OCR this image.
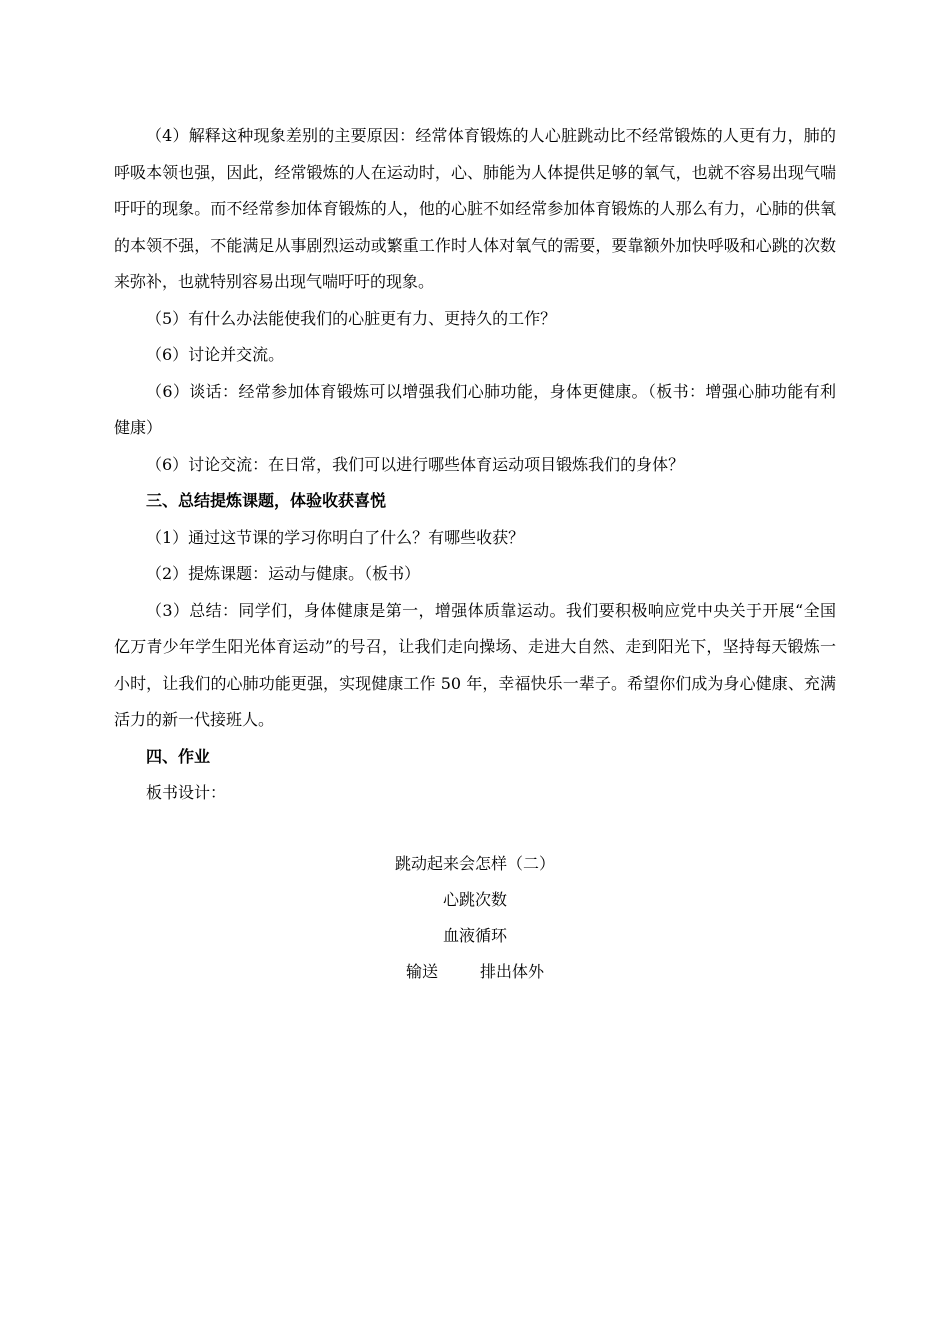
（4）解释这种现象差别的主要原因：经常体育锻炼的人心脏跳动比不经常锻炼的人更有力，肺的呼吸本领也强，因此，经常锻炼的人在运动时，心、肺能为人体提供足够的氧气，也就不容易出现气喘吁吁的现象。而不经常参加体育锻炼的人，他的心脏不如经常参加体育锻炼的人那么有力，心肺的供氧的本领不强，不能满足从事剧烈运动或繁重工作时人体对氧气的需要，要靠额外加快呼吸和心跳的次数来弥补，也就特别容易出现气喘吁吁的现象。

（5）有什么办法能使我们的心脏更有力、更持久的工作？

（6）讨论并交流。

（6）谈话：经常参加体育锻炼可以增强我们心肺功能，身体更健康。（板书：增强心肺功能有利健康）

（6）讨论交流：在日常，我们可以进行哪些体育运动项目锻炼我们的身体？

三、总结提炼课题，体验收获喜悦

（1）通过这节课的学习你明白了什么？有哪些收获？

（2）提炼课题：运动与健康。（板书）

（3）总结：同学们，身体健康是第一，增强体质靠运动。我们要积极响应党中央关于开展“全国亿万青少年学生阳光体育运动”的号召，让我们走向操场、走进大自然、走到阳光下，坚持每天锻炼一小时，让我们的心肺功能更强，实现健康工作 50 年，幸福快乐一辈子。希望你们成为身心健康、充满活力的新一代接班人。

四、作业

板书设计：

跳动起来会怎样（二）
心跳次数
血液循环
输送	排出体外
